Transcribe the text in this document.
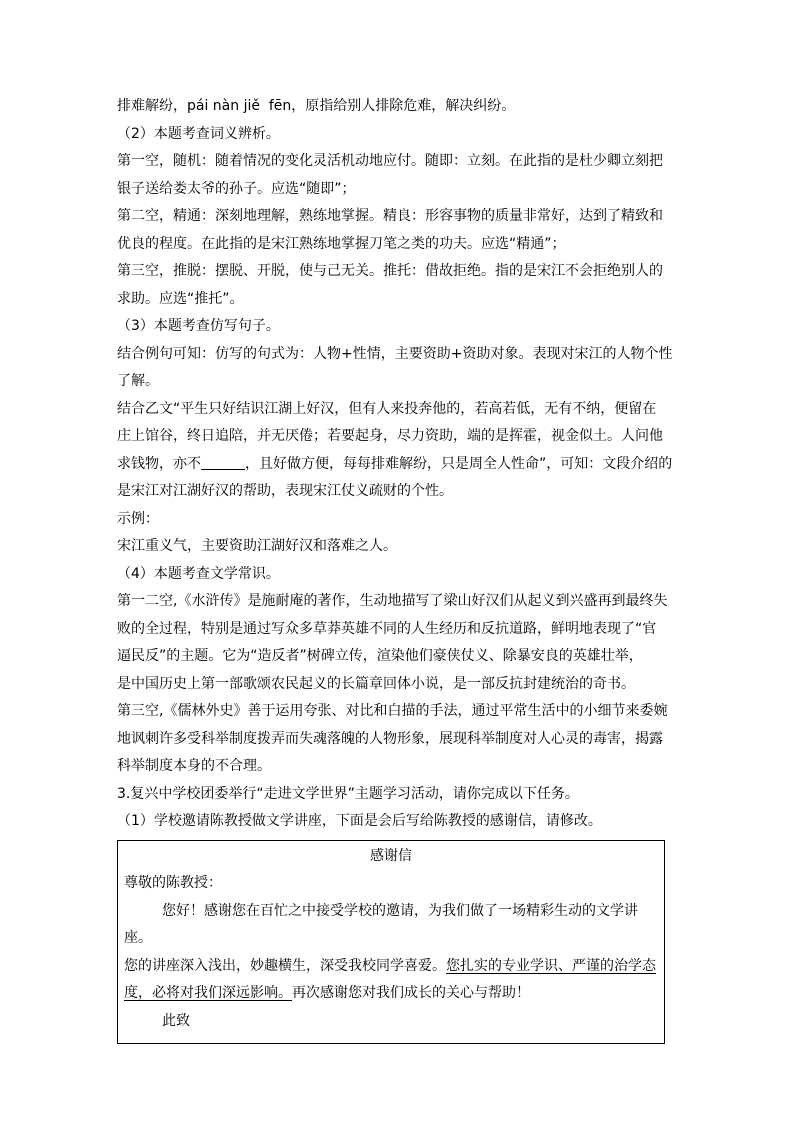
排难解纷，pái nàn jiě  fēn，原指给别人排除危难，解决纠纷。

（2）本题考查词义辨析。

第一空，随机：随着情况的变化灵活机动地应付。随即：立刻。在此指的是杜少卿立刻把

银子送给娄太爷的孙子。应选“随即”；

第二空，精通：深刻地理解，熟练地掌握。精良：形容事物的质量非常好，达到了精致和

优良的程度。在此指的是宋江熟练地掌握刀笔之类的功夫。应选“精通”；

第三空，推脱：摆脱、开脱，使与己无关。推托：借故拒绝。指的是宋江不会拒绝别人的

求助。应选“推托”。

（3）本题考查仿写句子。

结合例句可知：仿写的句式为：人物+性情，主要资助+资助对象。表现对宋江的人物个性

了解。

结合乙文“平生只好结识江湖上好汉，但有人来投奔他的，若高若低，无有不纳，便留在

庄上馆谷，终日追陪，并无厌倦；若要起身，尽力资助，端的是挥霍，视金似土。人问他

求钱物，亦不	，且好做方便，每每排难解纷，只是周全人性命”，可知：文段介绍的

是宋江对江湖好汉的帮助，表现宋江仗义疏财的个性。

示例：

宋江重义气，主要资助江湖好汉和落难之人。

（4）本题考查文学常识。

第一二空,《水浒传》是施耐庵的著作，生动地描写了梁山好汉们从起义到兴盛再到最终失

败的全过程，特别是通过写众多草莽英雄不同的人生经历和反抗道路，鲜明地表现了“官

逼民反”的主题。它为“造反者”树碑立传，渲染他们豪侠仗义、除暴安良的英雄壮举，

是中国历史上第一部歌颂农民起义的长篇章回体小说，是一部反抗封建统治的奇书。

第三空,《儒林外史》善于运用夸张、对比和白描的手法，通过平常生活中的小细节来委婉

地讽刺许多受科举制度拨弄而失魂落魄的人物形象，展现科举制度对人心灵的毒害，揭露

科举制度本身的不合理。

3.复兴中学校团委举行“走进文学世界”主题学习活动，请你完成以下任务。

（1）学校邀请陈教授做文学讲座，下面是会后写给陈教授的感谢信，请修改。

感谢信

尊敬的陈教授：

您好！感谢您在百忙之中接受学校的邀请，为我们做了一场精彩生动的文学讲座。

您的讲座深入浅出，妙趣横生，深受我校同学喜爱。您扎实的专业学识、严谨的治学态

度，必将对我们深远影响。再次感谢您对我们成长的关心与帮助！

此致
